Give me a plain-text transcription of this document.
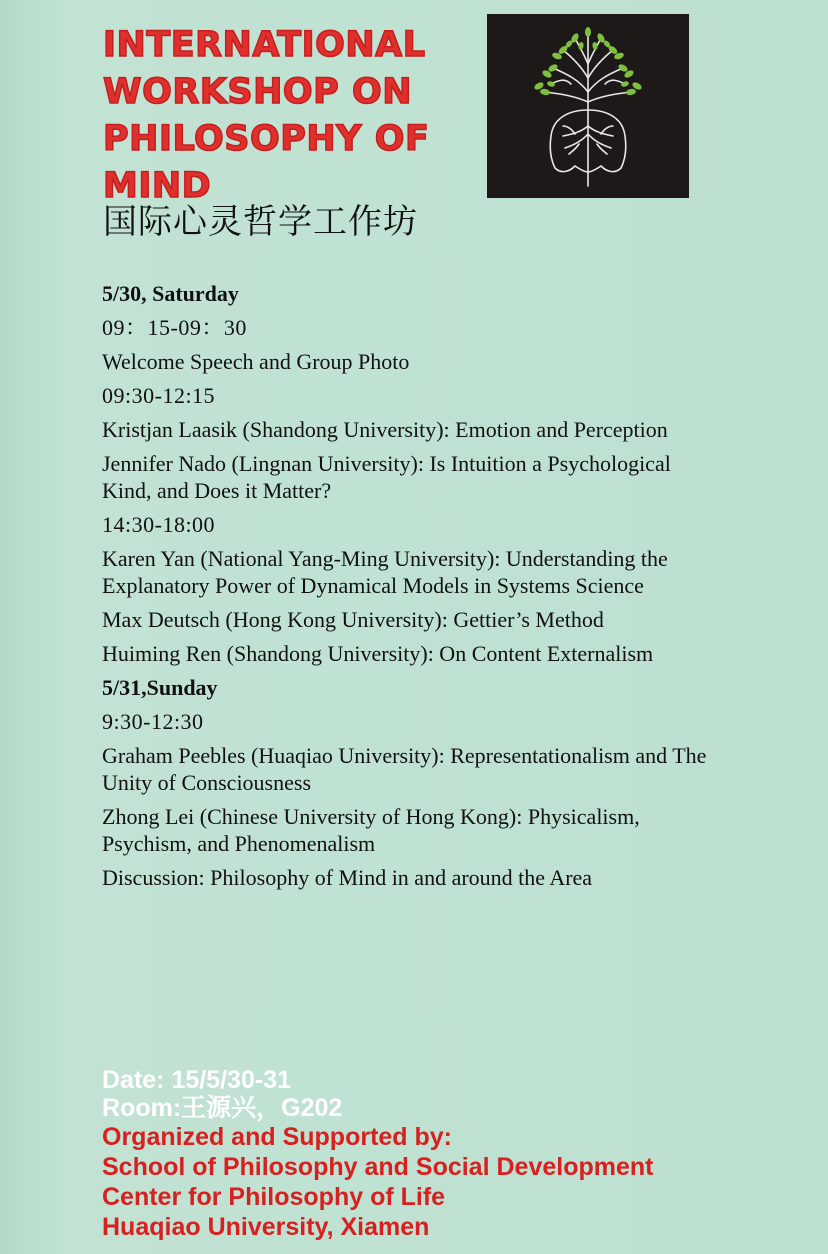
INTERNATIONAL
WORKSHOP ON
PHILOSOPHY OF
MIND
国际心灵哲学工作坊
5/30, Saturday
09：15-09：30
Welcome Speech and Group Photo
09:30-12:15
Kristjan Laasik (Shandong University): Emotion and Perception
Jennifer Nado (Lingnan University): Is Intuition a Psychological Kind, and Does it Matter?
14:30-18:00
Karen Yan (National Yang-Ming University): Understanding the Explanatory Power of Dynamical Models in Systems Science
Max Deutsch (Hong Kong University): Gettier’s Method
Huiming Ren (Shandong University): On Content Externalism
5/31,Sunday
9:30-12:30
Graham Peebles (Huaqiao University): Representationalism and The Unity of Consciousness
Zhong Lei (Chinese University of Hong Kong): Physicalism, Psychism, and Phenomenalism
Discussion: Philosophy of Mind in and around the Area
Date: 15/5/30-31
Room:王源兴，G202
Organized and Supported by:
School of Philosophy and Social Development
Center for Philosophy of Life
Huaqiao University, Xiamen
